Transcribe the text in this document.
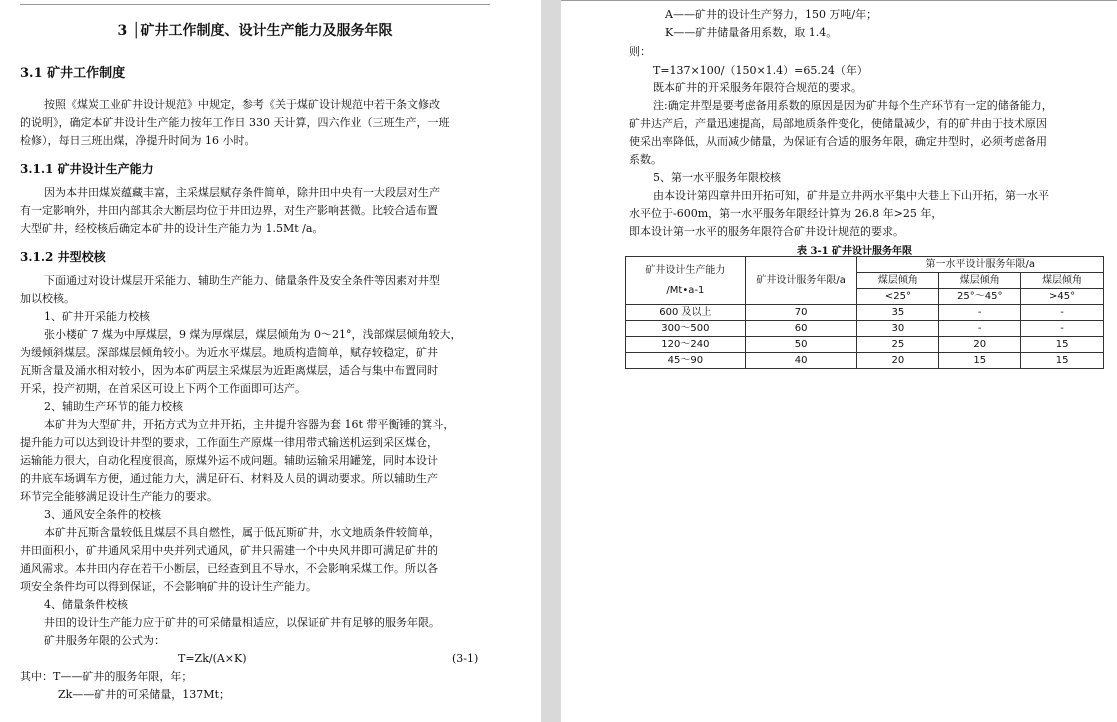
3 │矿井工作制度、设计生产能力及服务年限
3.1 矿井工作制度
按照《煤炭工业矿井设计规范》中规定，参考《关于煤矿设计规范中若干条文修改
的说明》，确定本矿井设计生产能力按年工作日 330 天计算，四六作业（三班生产，一班
检修），每日三班出煤，净提升时间为 16 小时。
3.1.1 矿井设计生产能力
因为本井田煤炭蕴藏丰富，主采煤层赋存条件简单，除井田中央有一大段层对生产
有一定影响外，井田内部其余大断层均位于井田边界，对生产影响甚微。比较合适布置
大型矿井，经校核后确定本矿井的设计生产能力为 1.5Mt /a。
3.1.2 井型校核
下面通过对设计煤层开采能力、辅助生产能力、储量条件及安全条件等因素对井型
加以校核。
1、矿井开采能力校核
张小楼矿 7 煤为中厚煤层，9 煤为厚煤层，煤层倾角为 0～21°，浅部煤层倾角较大，
为缓倾斜煤层。深部煤层倾角较小。为近水平煤层。地质构造简单，赋存较稳定，矿井
瓦斯含量及涌水相对较小，因为本矿两层主采煤层为近距离煤层，适合与集中布置同时
开采，投产初期，在首采区可设上下两个工作面即可达产。
2、辅助生产环节的能力校核
本矿井为大型矿井，开拓方式为立井开拓，主井提升容器为套 16t 带平衡锤的箕斗，
提升能力可以达到设计井型的要求，工作面生产原煤一律用带式输送机运到采区煤仓，
运输能力很大，自动化程度很高，原煤外运不成问题。辅助运输采用罐笼，同时本设计
的井底车场调车方便，通过能力大，满足矸石、材料及人员的调动要求。所以辅助生产
环节完全能够满足设计生产能力的要求。
3、通风安全条件的校核
本矿井瓦斯含量较低且煤层不具自燃性，属于低瓦斯矿井，水文地质条件较简单，
井田面积小，矿井通风采用中央并列式通风，矿井只需建一个中央风井即可满足矿井的
通风需求。本井田内存在若干小断层，已经查到且不导水，不会影响采煤工作。所以各
项安全条件均可以得到保证，不会影响矿井的设计生产能力。
4、储量条件校核
井田的设计生产能力应于矿井的可采储量相适应，以保证矿井有足够的服务年限。
矿井服务年限的公式为：
T=Zk/(A×K)	(3-1)
其中：T——矿井的服务年限，年；
Zk——矿井的可采储量，137Mt；
A——矿井的设计生产努力，150 万吨/年；
K——矿井储量备用系数，取 1.4。
则：
T=137×100/（150×1.4）=65.24（年）
既本矿井的开采服务年限符合规范的要求。
注:确定井型是要考虑备用系数的原因是因为矿井每个生产环节有一定的储备能力，
矿井达产后，产量迅速提高，局部地质条件变化，使储量减少，有的矿井由于技术原因
使采出率降低，从而减少储量，为保证有合适的服务年限，确定井型时，必须考虑备用
系数。
5、第一水平服务年限校核
由本设计第四章井田开拓可知，矿井是立井两水平集中大巷上下山开拓，第一水平
水平位于-600m，第一水平服务年限经计算为 26.8 年>25 年，
即本设计第一水平的服务年限符合矿井设计规范的要求。
表 3-1 矿井设计服务年限
矿井设计生产能力
/Mt•a-1	矿井设计服务年限/a	第一水平设计服务年限/a		
		煤层倾角	煤层倾角	煤层倾角
		<25°	25°～45°	>45°
600 及以上	70	35	-	-
300～500	60	30	-	-
120～240	50	25	20	15
45～90	40	20	15	15
